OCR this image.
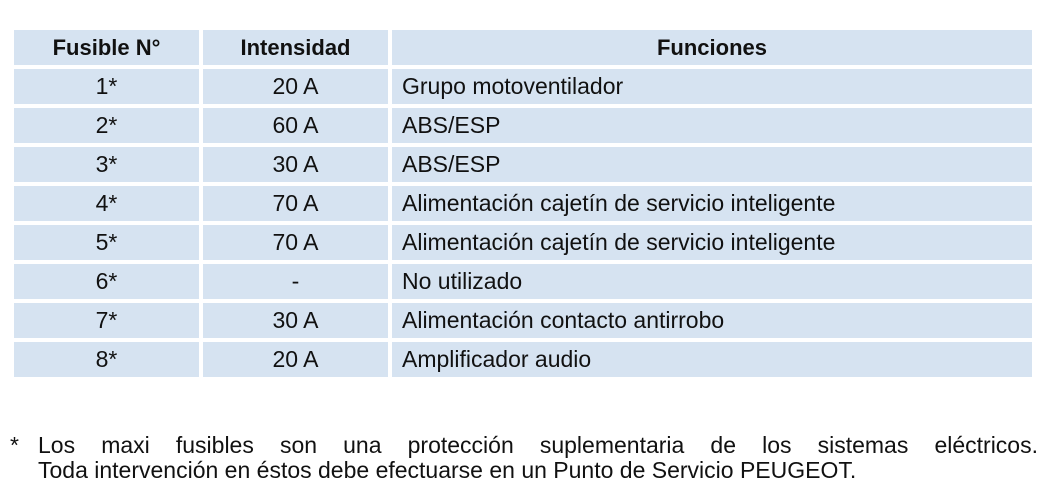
Fusible N°	Intensidad	Funciones
1*	20 A	Grupo motoventilador
2*	60 A	ABS/ESP
3*	30 A	ABS/ESP
4*	70 A	Alimentación cajetín de servicio inteligente
5*	70 A	Alimentación cajetín de servicio inteligente
6*	-	No utilizado
7*	30 A	Alimentación contacto antirrobo
8*	20 A	Amplificador audio
* Los maxi fusibles son una protección suplementaria de los sistemas eléctricos.
Toda intervención en éstos debe efectuarse en un Punto de Servicio PEUGEOT.
